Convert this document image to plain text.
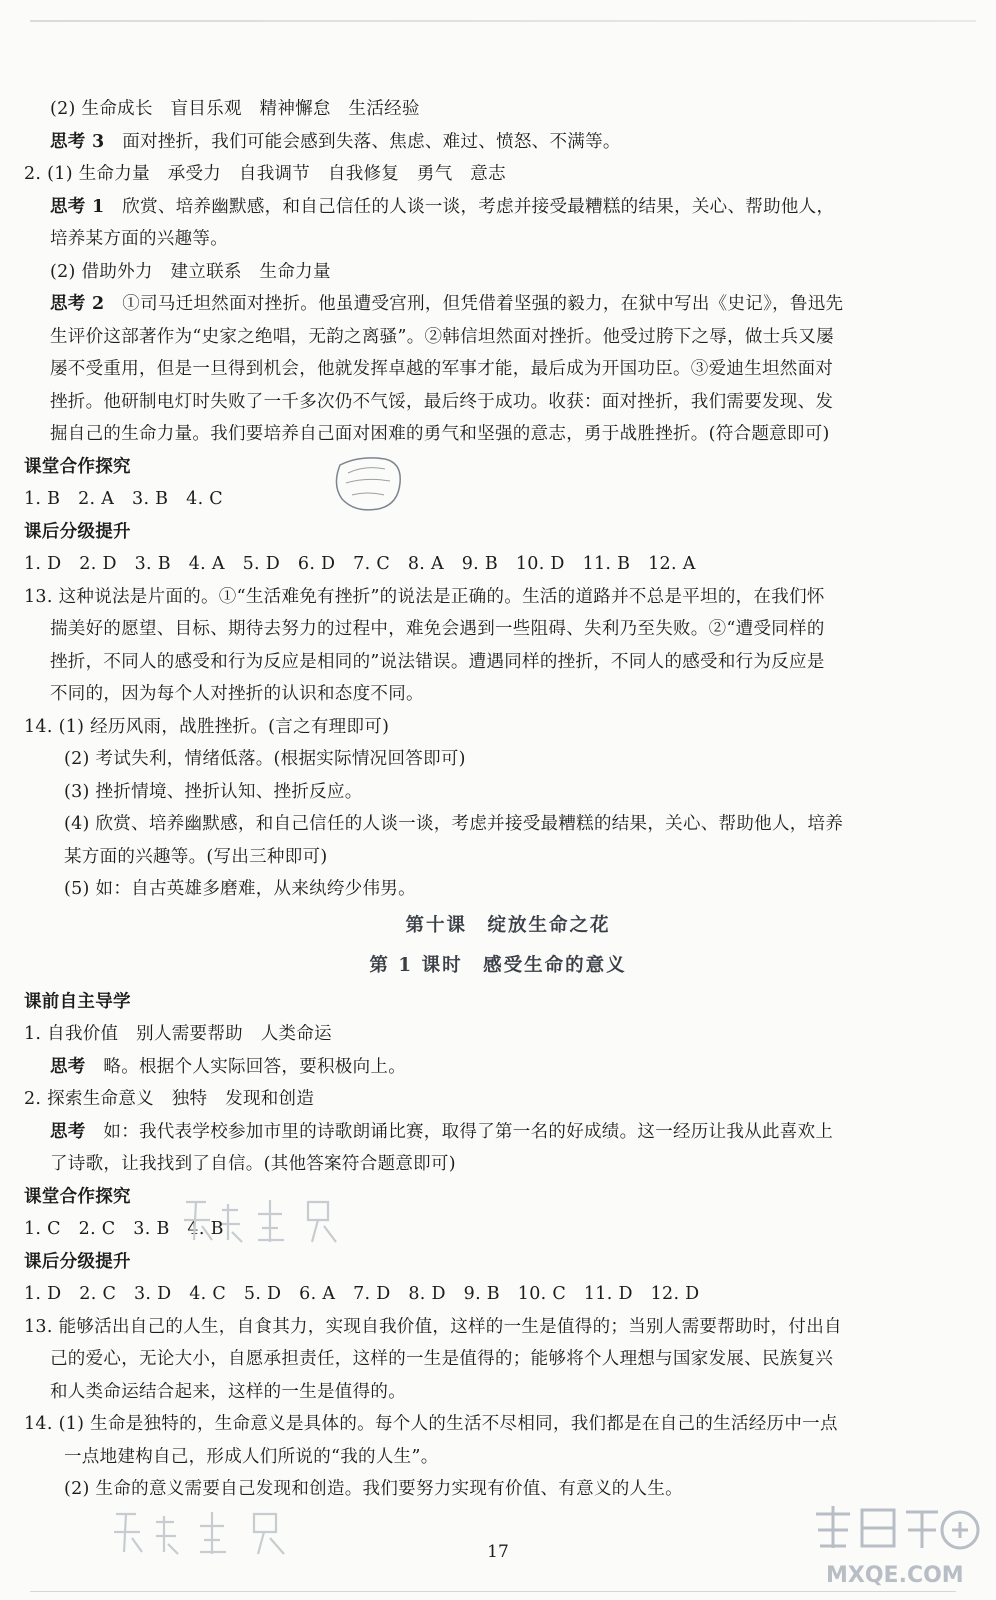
(2) 生命成长　盲目乐观　精神懈怠　生活经验
思考 3　面对挫折，我们可能会感到失落、焦虑、难过、愤怒、不满等。
2. (1) 生命力量　承受力　自我调节　自我修复　勇气　意志
思考 1　欣赏、培养幽默感，和自己信任的人谈一谈，考虑并接受最糟糕的结果，关心、帮助他人，
培养某方面的兴趣等。
(2) 借助外力　建立联系　生命力量
思考 2　①司马迁坦然面对挫折。他虽遭受宫刑，但凭借着坚强的毅力，在狱中写出《史记》，鲁迅先
生评价这部著作为“史家之绝唱，无韵之离骚”。②韩信坦然面对挫折。他受过胯下之辱，做士兵又屡
屡不受重用，但是一旦得到机会，他就发挥卓越的军事才能，最后成为开国功臣。③爱迪生坦然面对
挫折。他研制电灯时失败了一千多次仍不气馁，最后终于成功。收获：面对挫折，我们需要发现、发
掘自己的生命力量。我们要培养自己面对困难的勇气和坚强的意志，勇于战胜挫折。(符合题意即可)
课堂合作探究
1. B　2. A　3. B　4. C
课后分级提升
1. D　2. D　3. B　4. A　5. D　6. D　7. C　8. A　9. B　10. D　11. B　12. A
13. 这种说法是片面的。①“生活难免有挫折”的说法是正确的。生活的道路并不总是平坦的，在我们怀
揣美好的愿望、目标、期待去努力的过程中，难免会遇到一些阻碍、失利乃至失败。②“遭受同样的
挫折，不同人的感受和行为反应是相同的”说法错误。遭遇同样的挫折，不同人的感受和行为反应是
不同的，因为每个人对挫折的认识和态度不同。
14. (1) 经历风雨，战胜挫折。(言之有理即可)
(2) 考试失利，情绪低落。(根据实际情况回答即可)
(3) 挫折情境、挫折认知、挫折反应。
(4) 欣赏、培养幽默感，和自己信任的人谈一谈，考虑并接受最糟糕的结果，关心、帮助他人，培养
某方面的兴趣等。(写出三种即可)
(5) 如：自古英雄多磨难，从来纨绔少伟男。
第十课　绽放生命之花
第 1 课时　感受生命的意义
课前自主导学
1. 自我价值　别人需要帮助　人类命运
思考　略。根据个人实际回答，要积极向上。
2. 探索生命意义　独特　发现和创造
思考　如：我代表学校参加市里的诗歌朗诵比赛，取得了第一名的好成绩。这一经历让我从此喜欢上
了诗歌，让我找到了自信。(其他答案符合题意即可)
课堂合作探究
1. C　2. C　3. B　4. B
课后分级提升
1. D　2. C　3. D　4. C　5. D　6. A　7. D　8. D　9. B　10. C　11. D　12. D
13. 能够活出自己的人生，自食其力，实现自我价值，这样的一生是值得的；当别人需要帮助时，付出自
己的爱心，无论大小，自愿承担责任，这样的一生是值得的；能够将个人理想与国家发展、民族复兴
和人类命运结合起来，这样的一生是值得的。
14. (1) 生命是独特的，生命意义是具体的。每个人的生活不尽相同，我们都是在自己的生活经历中一点
一点地建构自己，形成人们所说的“我的人生”。
(2) 生命的意义需要自己发现和创造。我们要努力实现有价值、有意义的人生。
MXQE.COM
17
